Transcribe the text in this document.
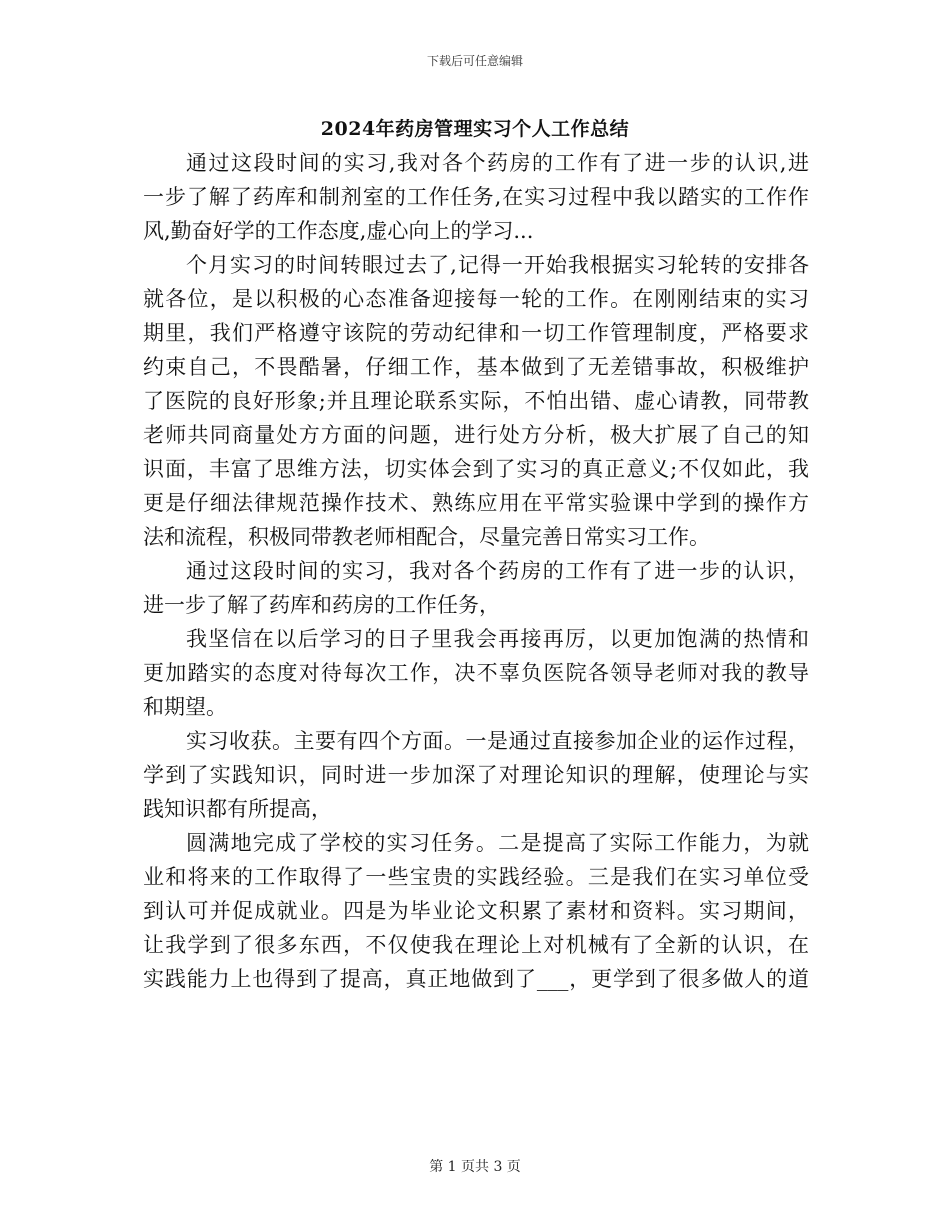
下载后可任意编辑
2024年药房管理实习个人工作总结
通过这段时间的实习,我对各个药房的工作有了进一步的认识,进
一步了解了药库和制剂室的工作任务,在实习过程中我以踏实的工作作
风,勤奋好学的工作态度,虚心向上的学习...
个月实习的时间转眼过去了,记得一开始我根据实习轮转的安排各
就各位，是以积极的心态准备迎接每一轮的工作。在刚刚结束的实习
期里，我们严格遵守该院的劳动纪律和一切工作管理制度，严格要求
约束自己，不畏酷暑，仔细工作，基本做到了无差错事故，积极维护
了医院的良好形象;并且理论联系实际，不怕出错、虚心请教，同带教
老师共同商量处方方面的问题，进行处方分析，极大扩展了自己的知
识面，丰富了思维方法，切实体会到了实习的真正意义;不仅如此，我
更是仔细法律规范操作技术、熟练应用在平常实验课中学到的操作方
法和流程，积极同带教老师相配合，尽量完善日常实习工作。
通过这段时间的实习，我对各个药房的工作有了进一步的认识，
进一步了解了药库和药房的工作任务，
我坚信在以后学习的日子里我会再接再厉，以更加饱满的热情和
更加踏实的态度对待每次工作，决不辜负医院各领导老师对我的教导
和期望。
实习收获。主要有四个方面。一是通过直接参加企业的运作过程，
学到了实践知识，同时进一步加深了对理论知识的理解，使理论与实
践知识都有所提高，
圆满地完成了学校的实习任务。二是提高了实际工作能力，为就
业和将来的工作取得了一些宝贵的实践经验。三是我们在实习单位受
到认可并促成就业。四是为毕业论文积累了素材和资料。实习期间，
让我学到了很多东西，不仅使我在理论上对机械有了全新的认识，在
实践能力上也得到了提高，真正地做到了___，更学到了很多做人的道
第 1 页共 3 页
